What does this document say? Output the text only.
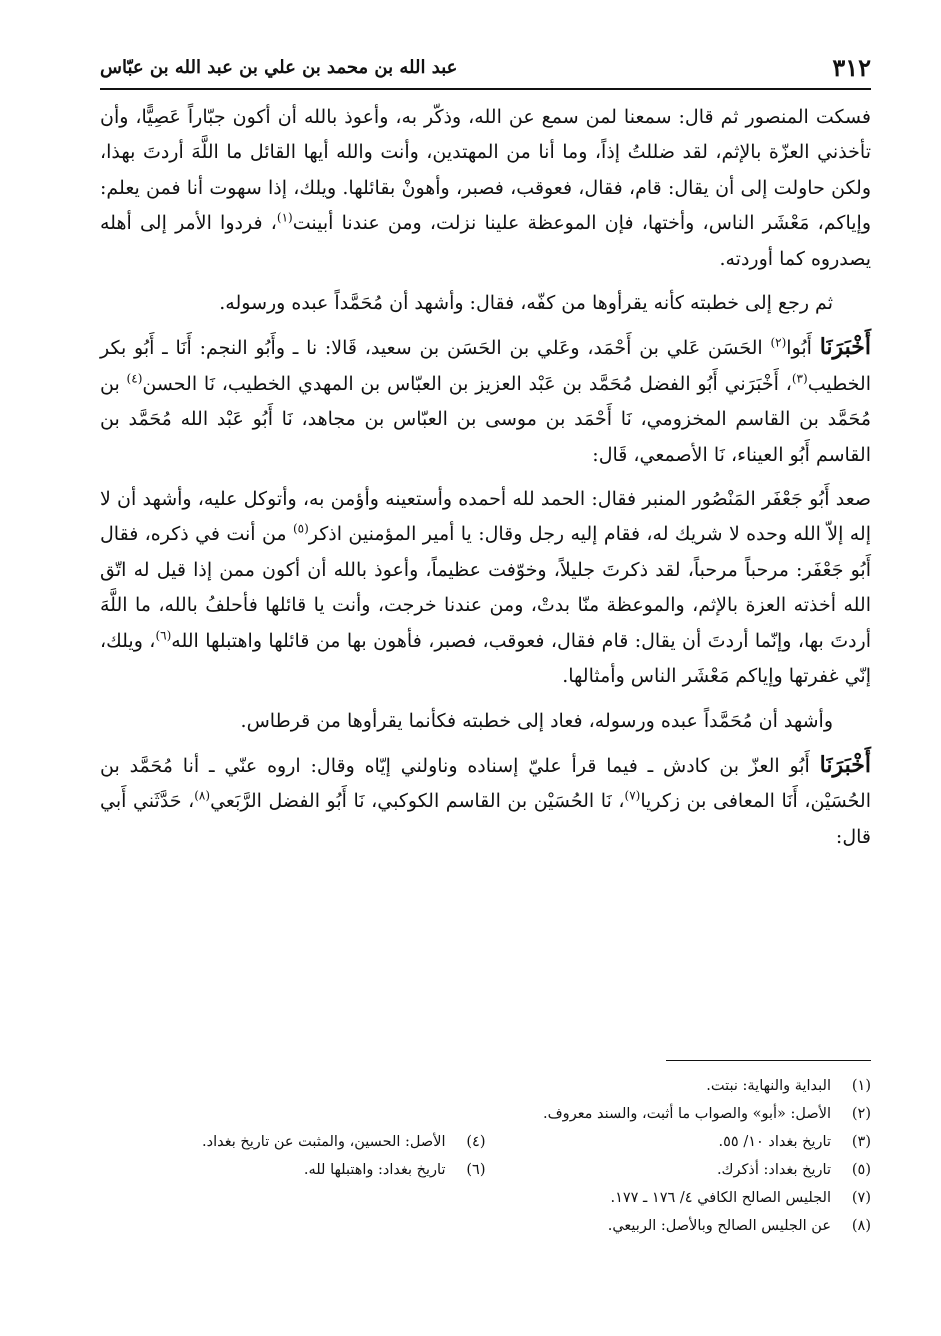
٣١٢
عبد الله بن محمد بن علي بن عبد الله بن عبّاس

فسكت المنصور ثم قال: سمعنا لمن سمع عن الله، وذكّر به، وأعوذ بالله أن أكون جبّاراً عَصِيًّا، وأن تأخذني العزّة بالإثم، لقد ضللتُ إذاً، وما أنا من المهتدين، وأنت والله أيها القائل ما اللَّهَ أردتَ بهذا، ولكن حاولت إلى أن يقال: قام، فقال، فعوقب، فصبر، وأهونْ بقائلها. ويلك، إذا سهوت أنا فمن يعلم: وإياكم، مَعْشَر الناس، وأختها، فإن الموعظة علينا نزلت، ومن عندنا أبينت$^{(١)}$، فردوا الأمر إلى أهله يصدروه كما أوردته.

ثم رجع إلى خطبته كأنه يقرأوها من كفّه، فقال: وأشهد أن مُحَمَّداً عبده ورسوله.

أَخْبَرَنَا أَبُوا$^{(٢)}$ الحَسَن عَلي بن أَحْمَد، وعَلي بن الحَسَن بن سعيد، قَالا: نا ـ وأَبُو النجم: أَنَا ـ أَبُو بكر الخطيب$^{(٣)}$، أَخْبَرَني أَبُو الفضل مُحَمَّد بن عَبْد العزيز بن العبّاس بن المهدي الخطيب، نَا الحسن$^{(٤)}$ بن مُحَمَّد بن القاسم المخزومي، نَا أَحْمَد بن موسى بن العبّاس بن مجاهد، نَا أَبُو عَبْد الله مُحَمَّد بن القاسم أَبُو العيناء، نَا الأصمعي، قَال:

صعد أَبُو جَعْفَر المَنْصُور المنبر فقال: الحمد لله أحمده وأستعينه وأؤمن به، وأتوكل عليه، وأشهد أن لا إله إلاّ الله وحده لا شريك له، فقام إليه رجل وقال: يا أمير المؤمنين اذكر$^{(٥)}$ من أنت في ذكره، فقال أَبُو جَعْفَر: مرحباً مرحباً، لقد ذكرتَ جليلاً، وخوّفت عظيماً، وأعوذ بالله أن أكون ممن إذا قيل له اتّق الله أخذته العزة بالإثم، والموعظة منّا بدتْ، ومن عندنا خرجت، وأنت يا قائلها فأحلفُ بالله، ما اللَّهَ أردتَ بها، وإنّما أردتَ أن يقال: قام فقال، فعوقب، فصبر، فأهون بها من قائلها واهتبلها الله$^{(٦)}$، ويلك، إنّي غفرتها وإياكم مَعْشَر الناس وأمثالها.

وأشهد أن مُحَمَّداً عبده ورسوله، فعاد إلى خطبته فكأنما يقرأوها من قرطاس.

أَخْبَرَنَا أَبُو العزّ بن كادش ـ فيما قرأ عليّ إسناده وناولني إيّاه وقال: اروه عنّي ـ أنا مُحَمَّد بن الحُسَيْن، أَنَا المعافى بن زكريا$^{(٧)}$، نَا الحُسَيْن بن القاسم الكوكبي، نَا أَبُو الفضل الرَّبَعي$^{(٨)}$، حَدَّثَني أَبي قال:

(١)
البداية والنهاية: نبتت.
(٢)
الأصل: «أبو» والصواب ما أثبت، والسند معروف.
(٣)
تاريخ بغداد ١٠/ ٥٥.
(٤)
الأصل: الحسين، والمثبت عن تاريخ بغداد.
(٥)
تاريخ بغداد: أذكرك.
(٦)
تاريخ بغداد: واهتبلها لله.
(٧)
الجليس الصالح الكافي ٤/ ١٧٦ ـ ١٧٧.
(٨)
عن الجليس الصالح وبالأصل: الربيعي.
